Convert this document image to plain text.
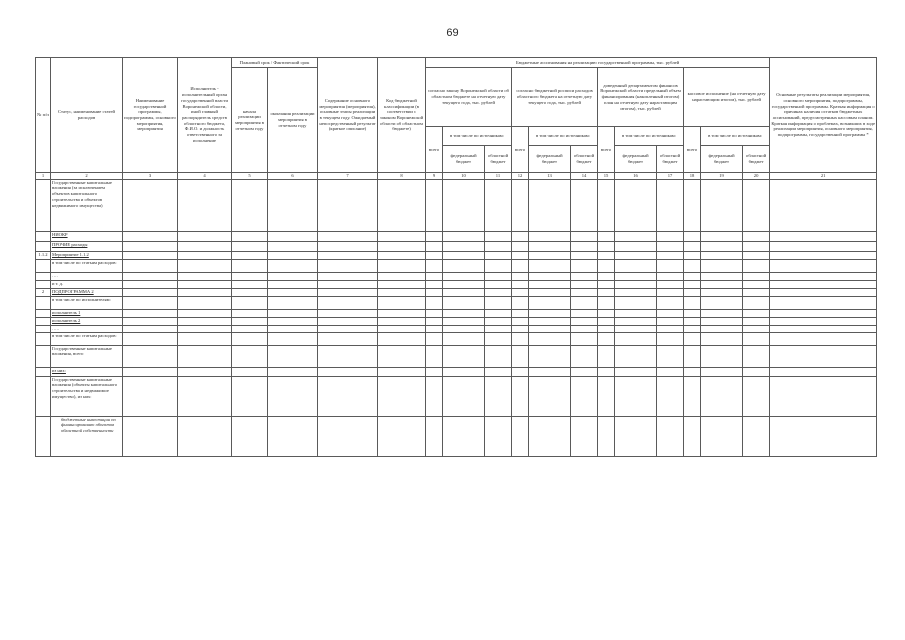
69
№ п/п	Статус, наименование статей расходов	Наименование государственной программы, подпрограммы, основного мероприятия, мероприятия	Исполнитель - исполнительный орган государственной власти Воронежской области, иной главный распорядитель средств областного бюджета, Ф.И.О. и должность ответственного за исполнение	Плановый срок / Фактический срок		Содержание основного мероприятия (мероприятия), основные этапы реализации в текущем году. Ожидаемый непосредственный результат (краткое описание)	Код бюджетной классификации (в соответствии с законом Воронежской области об областном бюджете)	Бюджетные ассигнования на реализацию государственной программы, тыс. рублей												Основные результаты реализации мероприятия, основного мероприятия, подпрограммы, государственной программы. Краткая информация о причинах наличия остатков бюджетных ассигнований, предусмотренных кассовым планом. Краткая информация о проблемах, возникших в ходе реализации мероприятия, основного мероприятия, подпрограммы, государственной программы *
				начала реализации мероприятия в отчетном году	окончания реализации мероприятия в отчетном году			согласно закону Воронежской области об областном бюджете на отчетную дату текущего года, тыс. рублей			согласно бюджетной росписи расходов областного бюджета на отчетную дату текущего года, тыс. рублей			доведенный департаментом финансов Воронежской области предельный объем финансирования (накопленный итогом) план на отчетную дату нарастающим итогом), тыс. рублей			кассовое исполнение (на отчетную дату нарастающим итогом), тыс. рублей			
								всего	в том числе по источникам:		всего	в том числе по источникам:		всего	в том числе по источникам:		всего	в том числе по источникам:		
									федеральный бюджет	областной бюджет		федеральный бюджет	областной бюджет		федеральный бюджет	областной бюджет		федеральный бюджет	областной бюджет	
1	2	3	4	5	6	7	8	9	10	11	12	13	14	15	16	17	18	19	20	21
	Государственные капитальные вложения (за исключением объектов капитального строительства и объектов недвижимого имущества)																			
	НИОКР																			
	ПРОЧИЕ расходы																			
1.1.2	Мероприятие 1.1.2																			
	в том числе по статьям расходов:																			
	….																			
	и т. д.																			
2	ПОДПРОГРАММА 2																			
	в том числе по исполнителям:																			
	исполнитель 1																			
	исполнитель 2																			
	…..																			
	в том числе по статьям расходов:																			
	Государственные капитальные вложения, всего																			
	из них:																			
	Государственные капитальные вложения (объекты капитального строительства и недвижимое имущество), из них:																			
	бюджетные инвестиции по финансированию объектов областной собственности																			
